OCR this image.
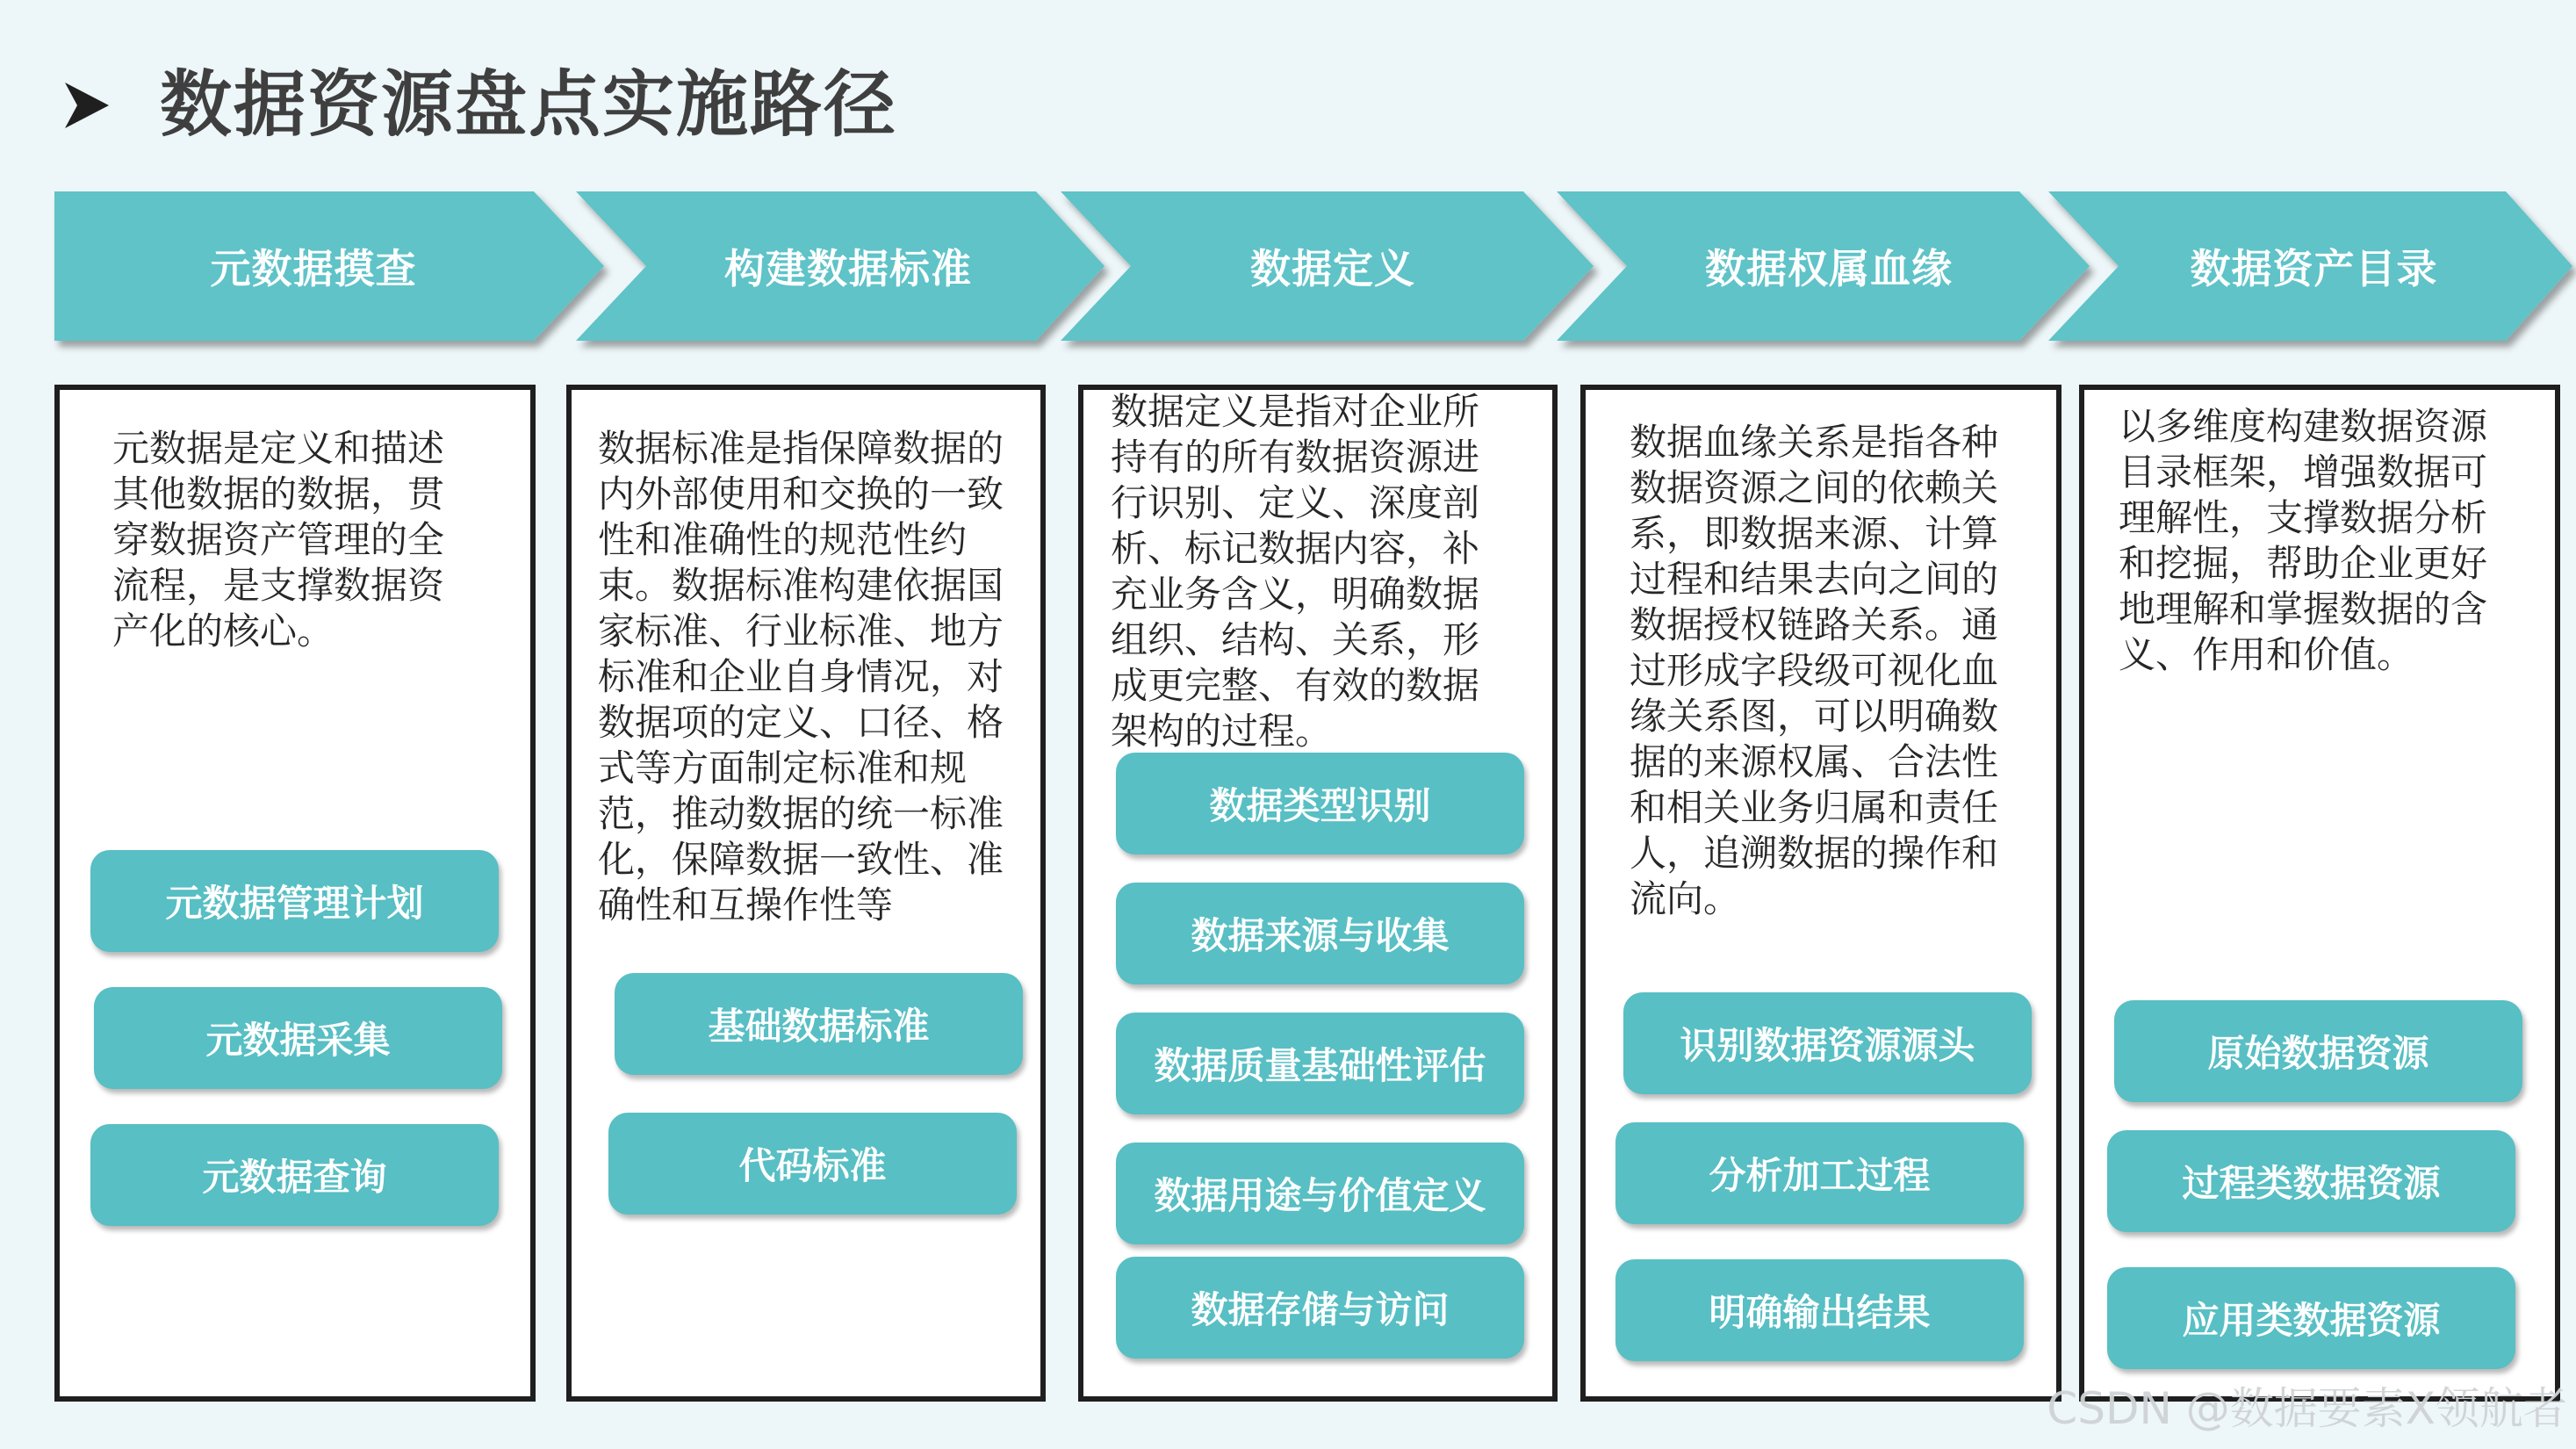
数据资源盘点实施路径
元数据摸查	构建数据标准	数据定义	数据权属血缘	数据资产目录
元数据是定义和描述其他数据的数据，贯穿数据资产管理的全流程，是支撑数据资产化的核心。
元数据管理计划
元数据采集
元数据查询
数据标准是指保障数据的内外部使用和交换的一致性和准确性的规范性约束。数据标准构建依据国家标准、行业标准、地方标准和企业自身情况，对数据项的定义、口径、格式等方面制定标准和规范，推动数据的统一标准化，保障数据一致性、准确性和互操作性等
基础数据标准
代码标准
数据定义是指对企业所持有的所有数据资源进行识别、定义、深度剖析、标记数据内容，补充业务含义，明确数据组织、结构、关系，形成更完整、有效的数据架构的过程。
数据类型识别
数据来源与收集
数据质量基础性评估
数据用途与价值定义
数据存储与访问
数据血缘关系是指各种数据资源之间的依赖关系，即数据来源、计算过程和结果去向之间的数据授权链路关系。通过形成字段级可视化血缘关系图，可以明确数据的来源权属、合法性和相关业务归属和责任人，追溯数据的操作和流向。
识别数据资源源头
分析加工过程
明确输出结果
以多维度构建数据资源目录框架，增强数据可理解性，支撑数据分析和挖掘，帮助企业更好地理解和掌握数据的含义、作用和价值。
原始数据资源
过程类数据资源
应用类数据资源
CSDN @数据要素X领航者
